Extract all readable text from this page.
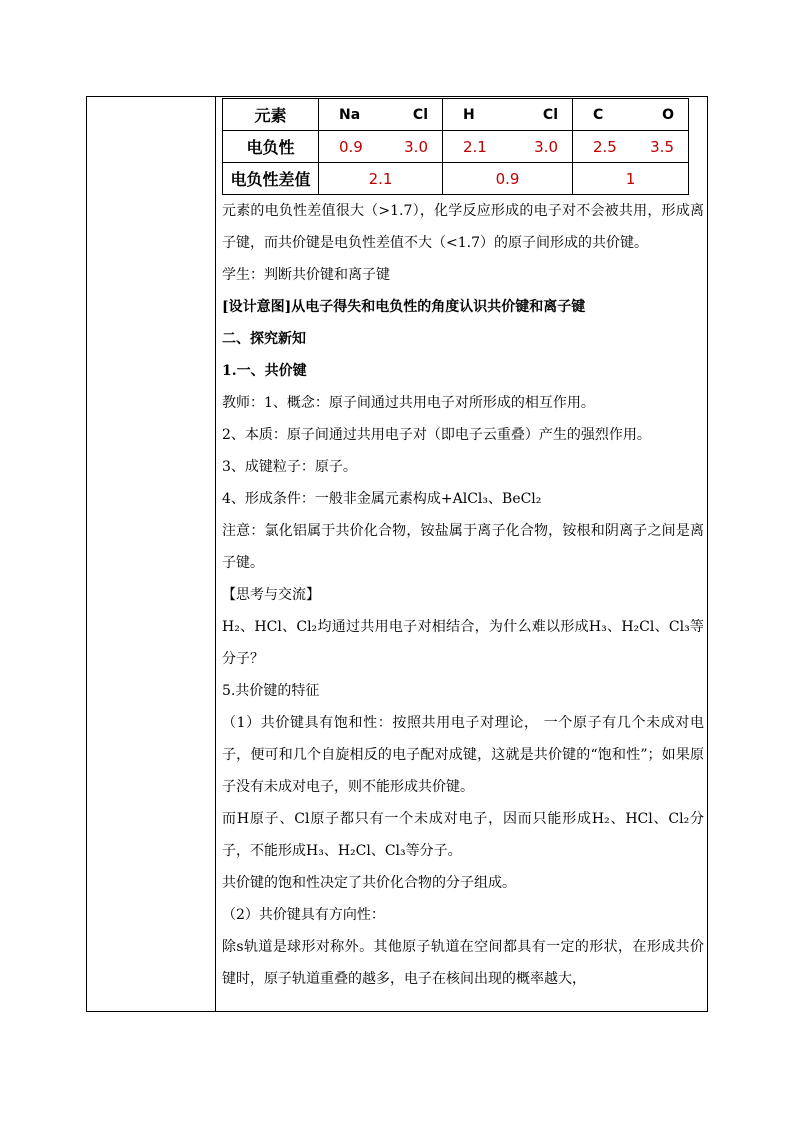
元素	Na Cl	H Cl	C O

电负性	0.9 3.0	2.1 3.0	2.5 3.5

电负性差值	2.1	0.9	1
元素的电负性差值很大（>1.7），化学反应形成的电子对不会被共用，形成离子键，而共价键是电负性差值不大（<1.7）的原子间形成的共价键。
学生：判断共价键和离子键
[设计意图]从电子得失和电负性的角度认识共价键和离子键
二、探究新知
1.一、共价键
教师：1、概念：原子间通过共用电子对所形成的相互作用。
2、本质：原子间通过共用电子对（即电子云重叠）产生的强烈作用。
3、成键粒子：原子。
4、形成条件：一般非金属元素构成+AlCl₃、BeCl₂
注意：氯化铝属于共价化合物，铵盐属于离子化合物，铵根和阴离子之间是离子键。
【思考与交流】
H₂、HCl、Cl₂均通过共用电子对相结合，为什么难以形成H₃、H₂Cl、Cl₃等分子？
5.共价键的特征
（1）共价键具有饱和性：按照共用电子对理论， 一个原子有几个未成对电子，便可和几个自旋相反的电子配对成键，这就是共价键的“饱和性”；如果原子没有未成对电子，则不能形成共价键。
而H原子、Cl原子都只有一个未成对电子，因而只能形成H₂、HCl、Cl₂分子，不能形成H₃、H₂Cl、Cl₃等分子。
共价键的饱和性决定了共价化合物的分子组成。
（2）共价键具有方向性：
除s轨道是球形对称外。其他原子轨道在空间都具有一定的形状，在形成共价键时，原子轨道重叠的越多，电子在核间出现的概率越大，
